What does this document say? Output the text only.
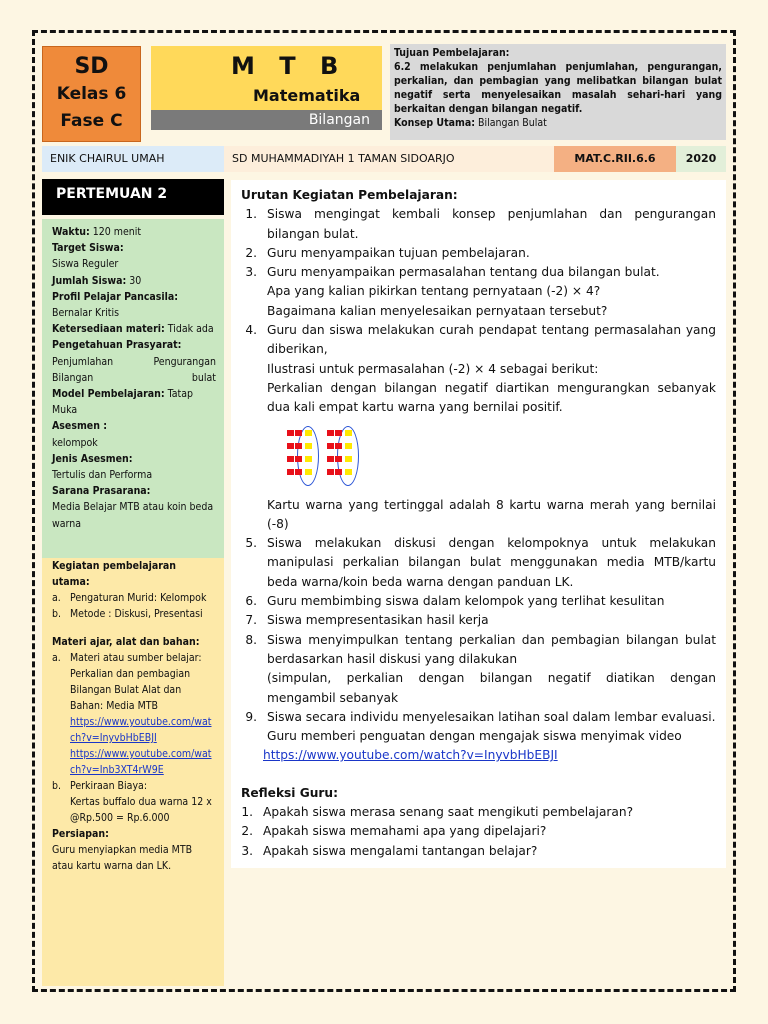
SD
Kelas 6
Fase C
M T B
Matematika
Bilangan
Tujuan Pembelajaran:
6.2 melakukan penjumlahan penjumlahan, pengurangan, perkalian, dan pembagian yang melibatkan bilangan bulat negatif serta menyelesaikan masalah sehari-hari yang berkaitan dengan bilangan negatif.
Konsep Utama: Bilangan Bulat
ENIK CHAIRUL UMAH	SD MUHAMMADIYAH 1 TAMAN SIDOARJO	MAT.C.RII.6.6	2020
PERTEMUAN 2
Waktu: 120 menit
Target Siswa:
Siswa Reguler
Jumlah Siswa: 30
Profil Pelajar Pancasila:
Bernalar Kritis
Ketersediaan materi: Tidak ada
Pengetahuan Prasyarat:
Penjumlahan Pengurangan Bilangan bulat
Model Pembelajaran: Tatap Muka
Asesmen :
kelompok
Jenis Asesmen:
Tertulis dan Performa
Sarana Prasarana:
Media Belajar MTB atau koin beda warna
Kegiatan pembelajaran utama:
a. Pengaturan Murid: Kelompok
b. Metode : Diskusi, Presentasi
Materi ajar, alat dan bahan:
a. Materi atau sumber belajar: Perkalian dan pembagian Bilangan Bulat Alat dan Bahan: Media MTB
https://www.youtube.com/watch?v=InyvbHbEBJI
https://www.youtube.com/watch?v=Inb3XT4rW9E
b. Perkiraan Biaya:
Kertas buffalo dua warna 12 x @Rp.500 = Rp.6.000
Persiapan:
Guru menyiapkan media MTB atau kartu warna dan LK.
Urutan Kegiatan Pembelajaran:
1. Siswa mengingat kembali konsep penjumlahan dan pengurangan bilangan bulat.
2. Guru menyampaikan tujuan pembelajaran.
3. Guru menyampaikan permasalahan tentang dua bilangan bulat.
Apa yang kalian pikirkan tentang pernyataan (-2) × 4?
Bagaimana kalian menyelesaikan pernyataan tersebut?
4. Guru dan siswa melakukan curah pendapat tentang permasalahan yang diberikan,
Ilustrasi untuk permasalahan (-2) × 4 sebagai berikut:
Perkalian dengan bilangan negatif diartikan mengurangkan sebanyak dua kali empat kartu warna yang bernilai positif.
Kartu warna yang tertinggal adalah 8 kartu warna merah yang bernilai (-8)
5. Siswa melakukan diskusi dengan kelompoknya untuk melakukan manipulasi perkalian bilangan bulat menggunakan media MTB/kartu beda warna/koin beda warna dengan panduan LK.
6. Guru membimbing siswa dalam kelompok yang terlihat kesulitan
7. Siswa mempresentasikan hasil kerja
8. Siswa menyimpulkan tentang perkalian dan pembagian bilangan bulat berdasarkan hasil diskusi yang dilakukan
(simpulan, perkalian dengan bilangan negatif diatikan dengan mengambil sebanyak
9. Siswa secara individu menyelesaikan latihan soal dalam lembar evaluasi.
Guru memberi penguatan dengan mengajak siswa menyimak video
https://www.youtube.com/watch?v=InyvbHbEBJI
Refleksi Guru:
1. Apakah siswa merasa senang saat mengikuti pembelajaran?
2. Apakah siswa memahami apa yang dipelajari?
3. Apakah siswa mengalami tantangan belajar?
